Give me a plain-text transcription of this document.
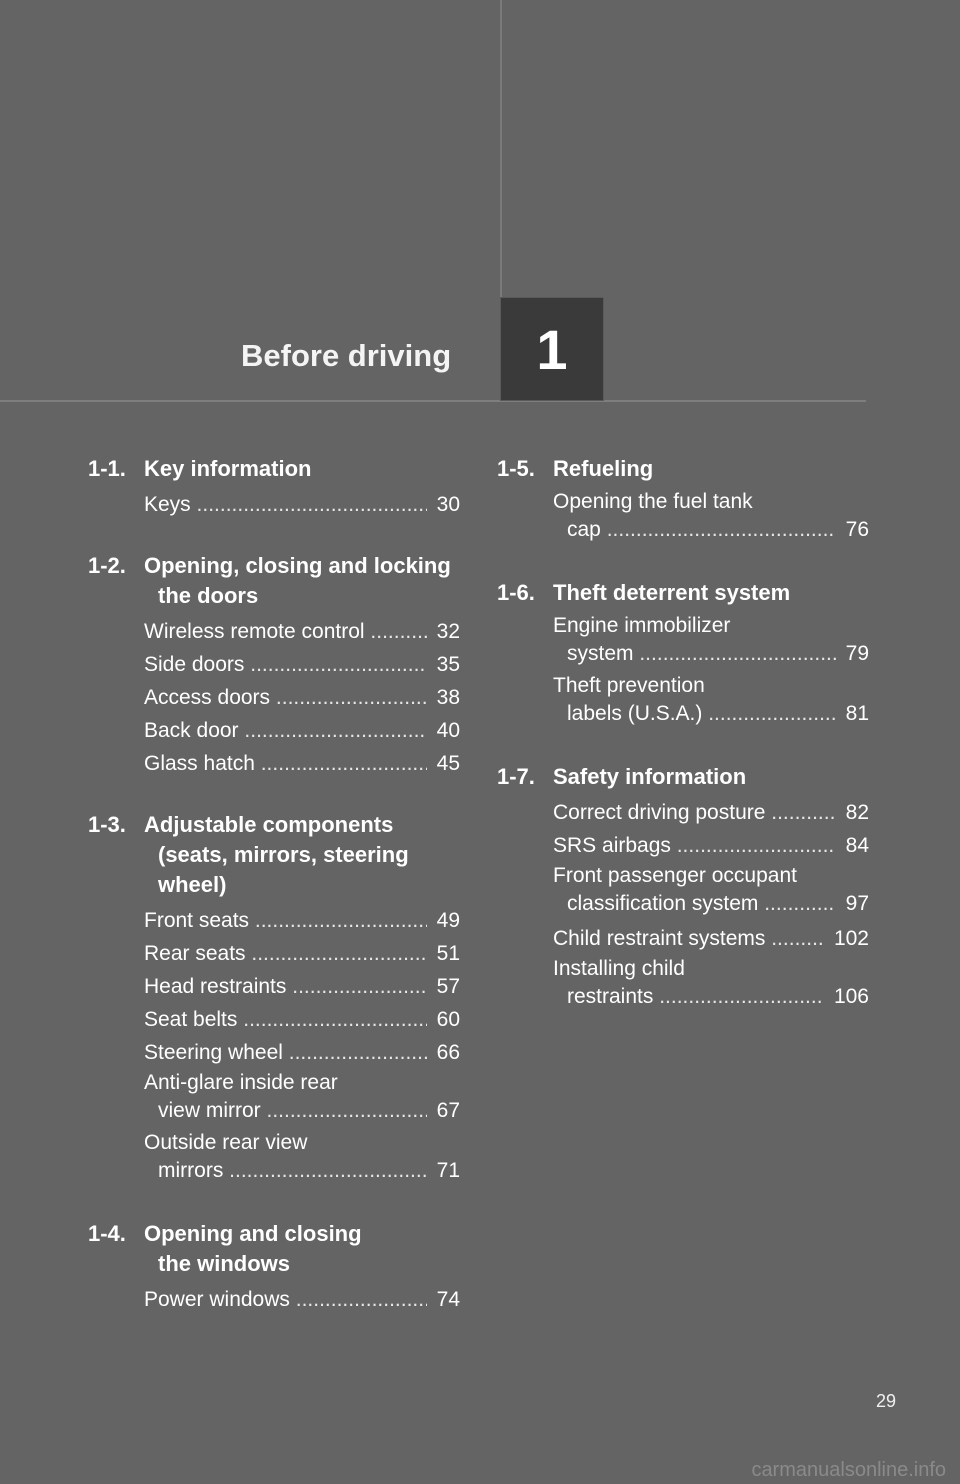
Before driving	1
1-1. Key information
Keys .....	30
1-2. Opening, closing and locking
the doors
Wireless remote control .....	32
Side doors .....	35
Access doors .....	38
Back door .....	40
Glass hatch .....	45
1-3. Adjustable components
(seats, mirrors, steering
wheel)
Front seats .....	49
Rear seats .....	51
Head restraints .....	57
Seat belts .....	60
Steering wheel .....	66
Anti-glare inside rear
view mirror .....	67
Outside rear view
mirrors .....	71
1-4. Opening and closing
the windows
Power windows .....	74
1-5. Refueling
Opening the fuel tank
cap .....	76
1-6. Theft deterrent system
Engine immobilizer
system .....	79
Theft prevention
labels (U.S.A.) .....	81
1-7. Safety information
Correct driving posture .....	82
SRS airbags .....	84
Front passenger occupant
classification system .....	97
Child restraint systems .....	102
Installing child
restraints .....	106
29
carmanualsonline.info
